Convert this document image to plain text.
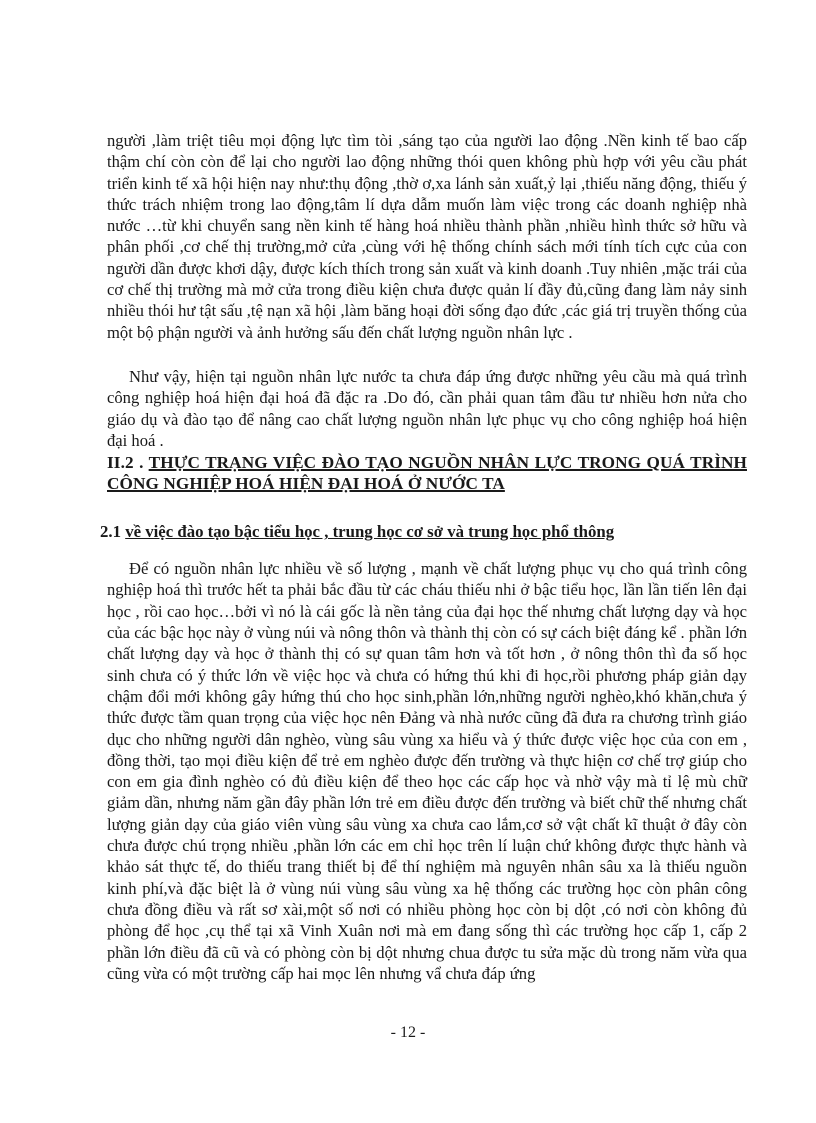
người ,làm triệt tiêu mọi động lực tìm tòi ,sáng tạo của người lao động .Nền kinh tế bao cấp thậm chí còn còn để lại cho người lao động những thói quen không phù hợp với yêu cầu phát triển kinh tế xã hội hiện nay như:thụ động ,thờ ơ,xa lánh sản xuất,ỷ lại ,thiếu năng động, thiếu ý thức trách nhiệm trong lao động,tâm lí dựa dẫm muốn làm việc trong các doanh nghiệp nhà nước …từ khi chuyển sang nền kinh tế hàng hoá nhiều thành phần ,nhiều hình thức sở hữu và phân phối ,cơ chế thị trường,mở cửa ,cùng với hệ thống chính sách mới tính tích cực của con người dần được khơi dậy, được kích thích trong sản xuất và kinh doanh .Tuy nhiên ,mặc trái của cơ chế thị trường mà mở cửa trong điều kiện chưa được quản lí đầy đủ,cũng đang làm nảy sinh nhiều thói hư tật sấu ,tệ nạn xã hội ,làm băng hoại đời sống đạo đức ,các giá trị truyền thống của một bộ phận người và ảnh hưởng sấu đến chất lượng nguồn nhân lực .

Như vậy, hiện tại nguồn nhân lực nước ta chưa đáp ứng được những yêu cầu mà quá trình công nghiệp hoá hiện đại hoá đã đặc ra .Do đó, cần phải quan tâm đầu tư nhiều hơn nửa cho giáo dụ và đào tạo để nâng cao chất lượng nguồn nhân lực phục vụ cho công nghiệp hoá hiện đại hoá .

II.2 . THỰC TRẠNG VIỆC ĐÀO TẠO NGUỒN NHÂN LỰC TRONG QUÁ TRÌNH CÔNG NGHIỆP HOÁ HIỆN ĐẠI HOÁ Ở NƯỚC TA
2.1 về việc đào tạo bậc tiểu học , trung học cơ sở và trung học phổ thông

Để có nguồn nhân lực nhiều về số lượng , mạnh về chất lượng phục vụ cho quá trình công nghiệp hoá thì trước hết ta phải bắc đầu từ các cháu thiếu nhi ở bậc tiểu học, lần lần tiến lên đại học , rồi cao học…bởi vì nó là cái gốc là nền tảng của đại học thế nhưng chất lượng dạy và học của các bậc học này ở vùng núi và nông thôn và thành thị còn có sự cách biệt đáng kể . phần lớn chất lượng dạy và học ở thành thị có sự quan tâm hơn và tốt hơn , ở nông thôn thì đa số học sinh chưa có ý thức lớn về việc học và chưa có hứng thú khi đi học,rồi phương pháp giản dạy chậm đổi mới không gây hứng thú cho học sinh,phần lớn,những người nghèo,khó khăn,chưa ý thức được tầm quan trọng của việc học nên Đảng và nhà nước cũng đã đưa ra chương trình giáo dục cho những người dân nghèo, vùng sâu vùng xa hiểu và ý thức được việc học của con em , đồng thời, tạo mọi điều kiện để trẻ em nghèo được đến trường và thực hiện cơ chế trợ giúp cho con em gia đình nghèo có đủ điều kiện để theo học các cấp học và nhờ vậy mà tỉ lệ mù chữ giảm dần, nhưng năm gần đây phần lớn trẻ em điều được đến trường và biết chữ thế nhưng chất lượng giản dạy của giáo viên vùng sâu vùng xa chưa cao lắm,cơ sở vật chất kĩ thuật ở đây còn chưa được chú trọng nhiều ,phần lớn các em chỉ học trên lí luận chứ không được thực hành và khảo sát thực tế, do thiếu trang thiết bị để thí nghiệm mà nguyên nhân sâu xa là thiếu nguồn kinh phí,và đặc biệt là ở vùng núi vùng sâu vùng xa hệ thống các trường học còn phân công chưa đồng điều và rất sơ xài,một số nơi có nhiều phòng học còn bị dột ,có nơi còn không đủ phòng để học ,cụ thể tại xã Vinh Xuân nơi mà em đang sống thì các trường học cấp 1, cấp 2 phần lớn điều đã cũ và có phòng còn bị dột nhưng chua được tu sửa mặc dù trong năm vừa qua cũng vừa có một trường cấp hai mọc lên nhưng vẩ chưa đáp ứng

- 12 -
